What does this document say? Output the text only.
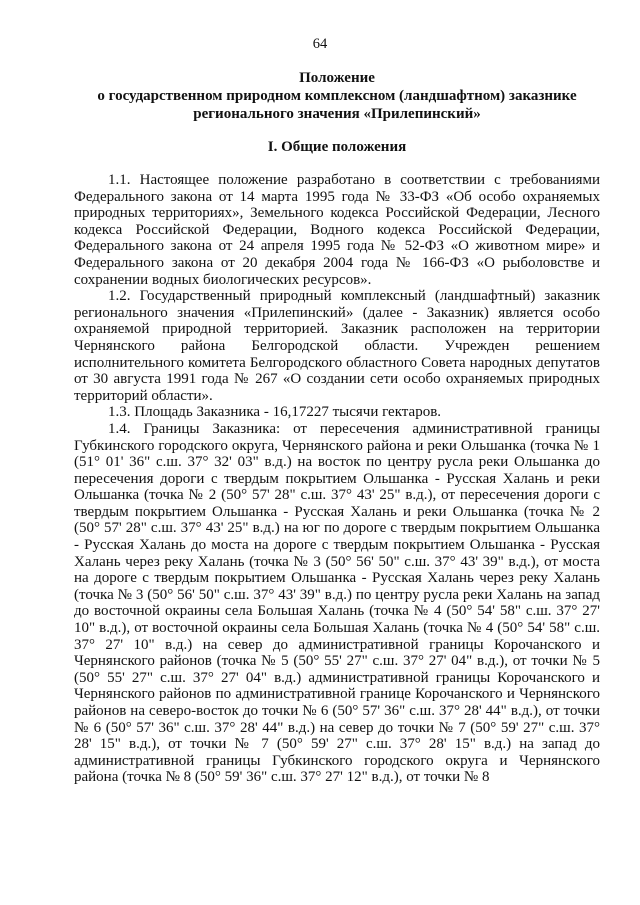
64
Положение
о государственном природном комплексном (ландшафтном) заказнике
регионального значения «Прилепинский»
I. Общие положения

1.1. Настоящее положение разработано в соответствии с требованиями Федерального закона от 14 марта 1995 года № 33-ФЗ «Об особо охраняемых природных территориях», Земельного кодекса Российской Федерации, Лесного кодекса Российской Федерации, Водного кодекса Российской Федерации, Федерального закона от 24 апреля 1995 года № 52-ФЗ «О животном мире» и Федерального закона от 20 декабря 2004 года № 166-ФЗ «О рыболовстве и сохранении водных биологических ресурсов».

1.2. Государственный природный комплексный (ландшафтный) заказник регионального значения «Прилепинский» (далее - Заказник) является особо охраняемой природной территорией. Заказник расположен на территории Чернянского района Белгородской области. Учрежден решением исполнительного комитета Белгородского областного Совета народных депутатов от 30 августа 1991 года № 267 «О создании сети особо охраняемых природных территорий области».

1.3. Площадь Заказника - 16,17227 тысячи гектаров.

1.4. Границы Заказника: от пересечения административной границы Губкинского городского округа, Чернянского района и реки Ольшанка (точка № 1 (51° 01' 36" с.ш. 37° 32' 03" в.д.) на восток по центру русла реки Ольшанка до пересечения дороги с твердым покрытием Ольшанка - Русская Халань и реки Ольшанка (точка № 2 (50° 57' 28" с.ш. 37° 43' 25" в.д.), от пересечения дороги с твердым покрытием Ольшанка - Русская Халань и реки Ольшанка (точка № 2 (50° 57' 28" с.ш. 37° 43' 25" в.д.) на юг по дороге с твердым покрытием Ольшанка - Русская Халань до моста на дороге с твердым покрытием Ольшанка - Русская Халань через реку Халань (точка № 3 (50° 56' 50" с.ш. 37° 43' 39" в.д.), от моста на дороге с твердым покрытием Ольшанка - Русская Халань через реку Халань (точка № 3 (50° 56' 50" с.ш. 37° 43' 39" в.д.) по центру русла реки Халань на запад до восточной окраины села Большая Халань (точка № 4 (50° 54' 58" с.ш. 37° 27' 10" в.д.), от восточной окраины села Большая Халань (точка № 4 (50° 54' 58" с.ш. 37° 27' 10" в.д.) на север до административной границы Корочанского и Чернянского районов (точка № 5 (50° 55' 27" с.ш. 37° 27' 04" в.д.), от точки № 5 (50° 55' 27" с.ш. 37° 27' 04" в.д.) административной границы Корочанского и Чернянского районов по административной границе Корочанского и Чернянского районов на северо-восток до точки № 6 (50° 57' 36" с.ш. 37° 28' 44" в.д.), от точки № 6 (50° 57' 36" с.ш. 37° 28' 44" в.д.) на север до точки № 7 (50° 59' 27" с.ш. 37° 28' 15" в.д.), от точки № 7 (50° 59' 27" с.ш. 37° 28' 15" в.д.) на запад до административной границы Губкинского городского округа и Чернянского района (точка № 8 (50° 59' 36" с.ш. 37° 27' 12" в.д.), от точки № 8
